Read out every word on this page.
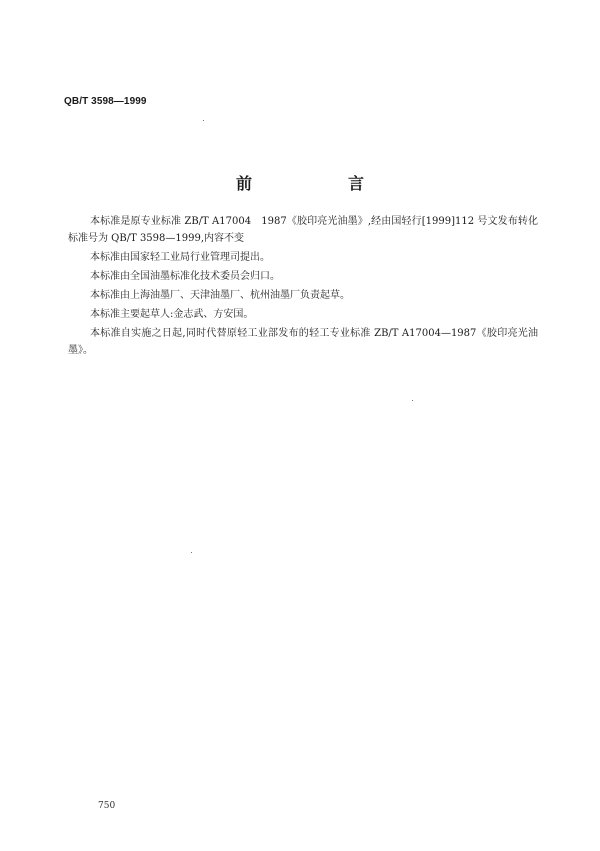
QB/T 3598—1999
前　言

本标准是原专业标准 ZB/T A17004　1987《胶印亮光油墨》,经由国轻行[1999]112 号文发布转化标准号为 QB/T 3598—1999,内容不变

本标准由国家轻工业局行业管理司提出。

本标准由全国油墨标准化技术委员会归口。

本标准由上海油墨厂、天津油墨厂、杭州油墨厂负责起草。

本标准主要起草人:金志武、方安国。

本标准自实施之日起,同时代替原轻工业部发布的轻工专业标准 ZB/T A17004—1987《胶印亮光油墨》。

750
